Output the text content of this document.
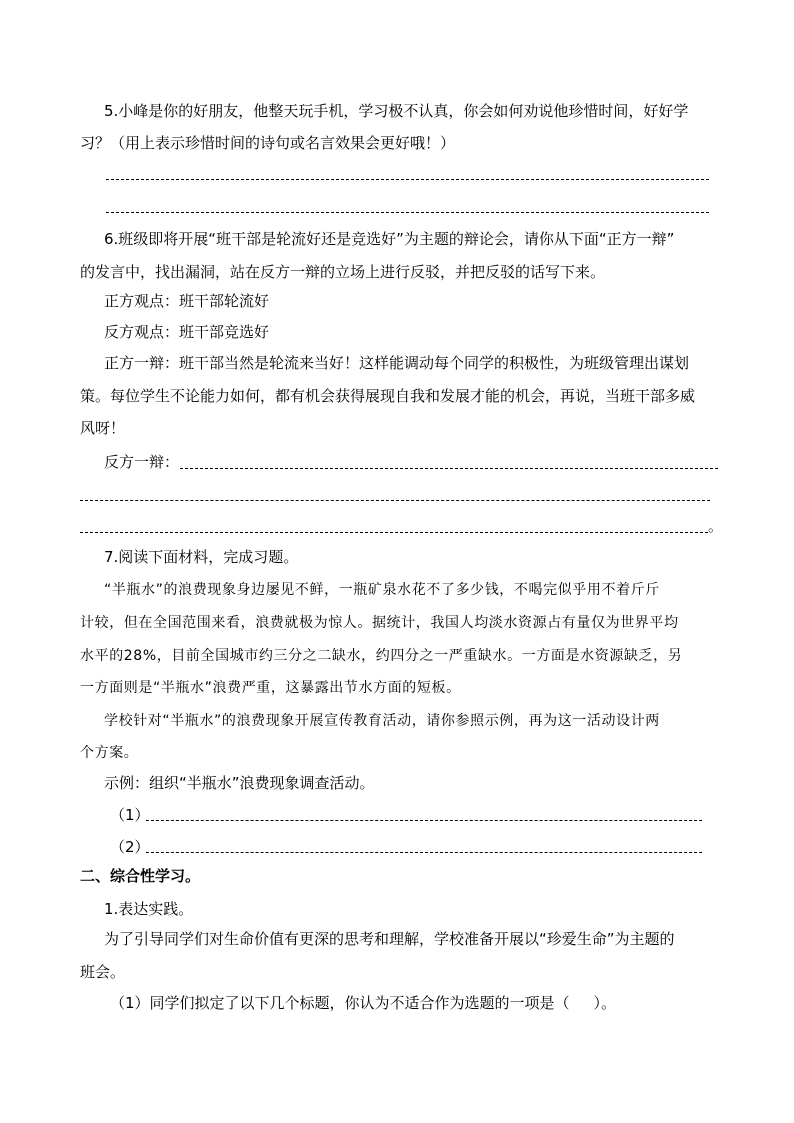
5.小峰是你的好朋友，他整天玩手机，学习极不认真，你会如何劝说他珍惜时间，好好学
习？（用上表示珍惜时间的诗句或名言效果会更好哦！）
6.班级即将开展“班干部是轮流好还是竞选好”为主题的辩论会，请你从下面“正方一辩”
的发言中，找出漏洞，站在反方一辩的立场上进行反驳，并把反驳的话写下来。
正方观点：班干部轮流好
反方观点：班干部竞选好
正方一辩：班干部当然是轮流来当好！这样能调动每个同学的积极性，为班级管理出谋划
策。每位学生不论能力如何，都有机会获得展现自我和发展才能的机会，再说，当班干部多威
风呀！
反方一辩：
。
7.阅读下面材料，完成习题。
“半瓶水”的浪费现象身边屡见不鲜，一瓶矿泉水花不了多少钱，不喝完似乎用不着斤斤
计较，但在全国范围来看，浪费就极为惊人。据统计，我国人均淡水资源占有量仅为世界平均
水平的28%，目前全国城市约三分之二缺水，约四分之一严重缺水。一方面是水资源缺乏，另
一方面则是“半瓶水”浪费严重，这暴露出节水方面的短板。
学校针对“半瓶水”的浪费现象开展宣传教育活动，请你参照示例，再为这一活动设计两
个方案。
示例：组织“半瓶水”浪费现象调查活动。
（1）
（2）
二、综合性学习。
1.表达实践。
为了引导同学们对生命价值有更深的思考和理解，学校准备开展以“珍爱生命”为主题的
班会。
（1）同学们拟定了以下几个标题，你认为不适合作为选题的一项是（ ）。
